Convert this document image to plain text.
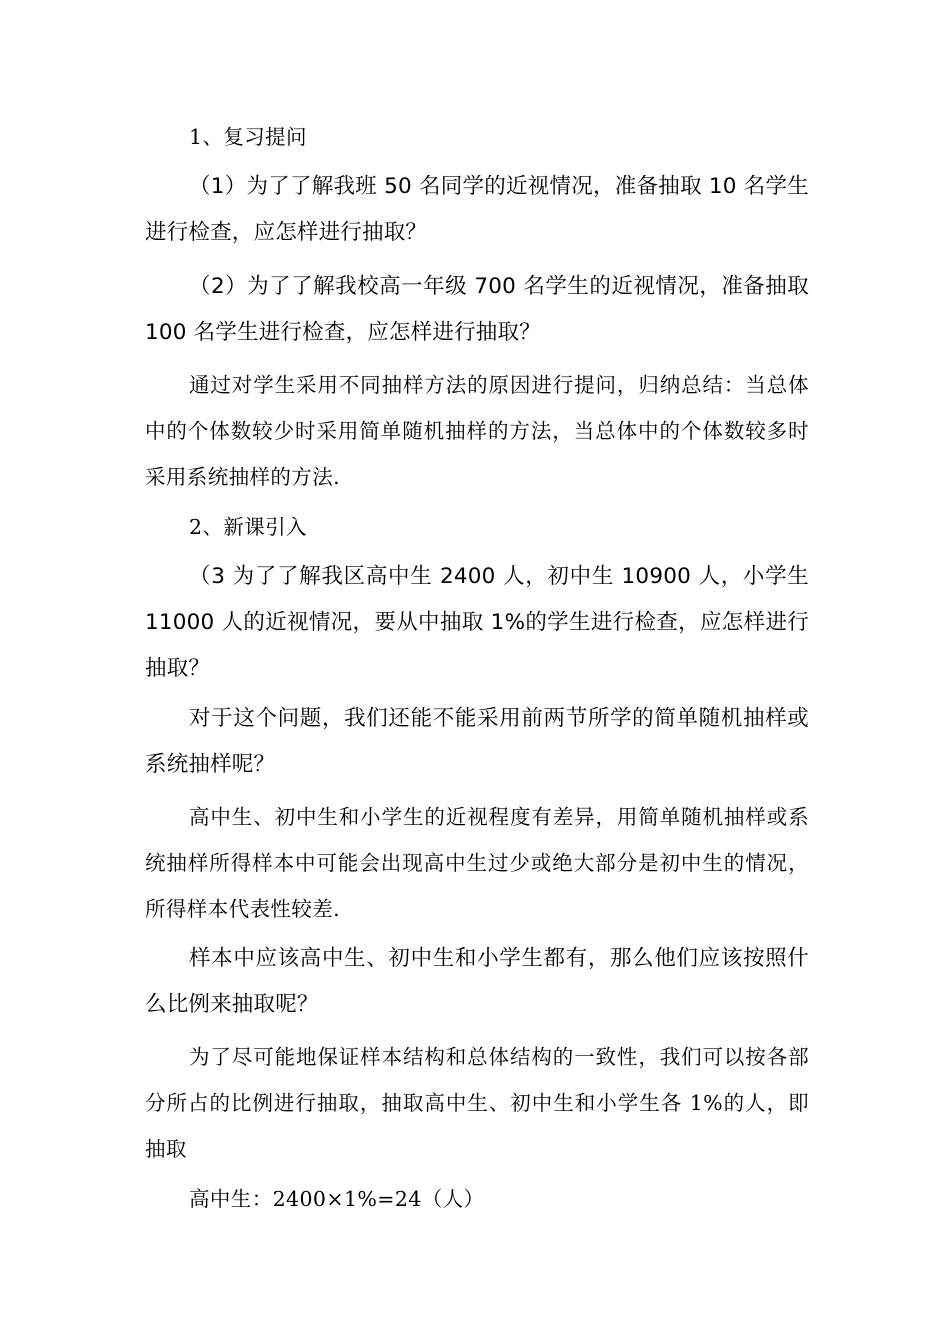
1、复习提问

（1）为了了解我班 50 名同学的近视情况，准备抽取 10 名学生进行检查，应怎样进行抽取？

（2）为了了解我校高一年级 700 名学生的近视情况，准备抽取 100 名学生进行检查，应怎样进行抽取？

通过对学生采用不同抽样方法的原因进行提问，归纳总结：当总体中的个体数较少时采用简单随机抽样的方法，当总体中的个体数较多时采用系统抽样的方法.

2、新课引入

（3 为了了解我区高中生 2400 人，初中生 10900 人，小学生 11000 人的近视情况，要从中抽取 1%的学生进行检查，应怎样进行抽取？

对于这个问题，我们还能不能采用前两节所学的简单随机抽样或系统抽样呢？

高中生、初中生和小学生的近视程度有差异，用简单随机抽样或系统抽样所得样本中可能会出现高中生过少或绝大部分是初中生的情况，所得样本代表性较差.

样本中应该高中生、初中生和小学生都有，那么他们应该按照什么比例来抽取呢？

为了尽可能地保证样本结构和总体结构的一致性，我们可以按各部分所占的比例进行抽取，抽取高中生、初中生和小学生各 1%的人，即抽取

高中生：2400×1%=24（人）
